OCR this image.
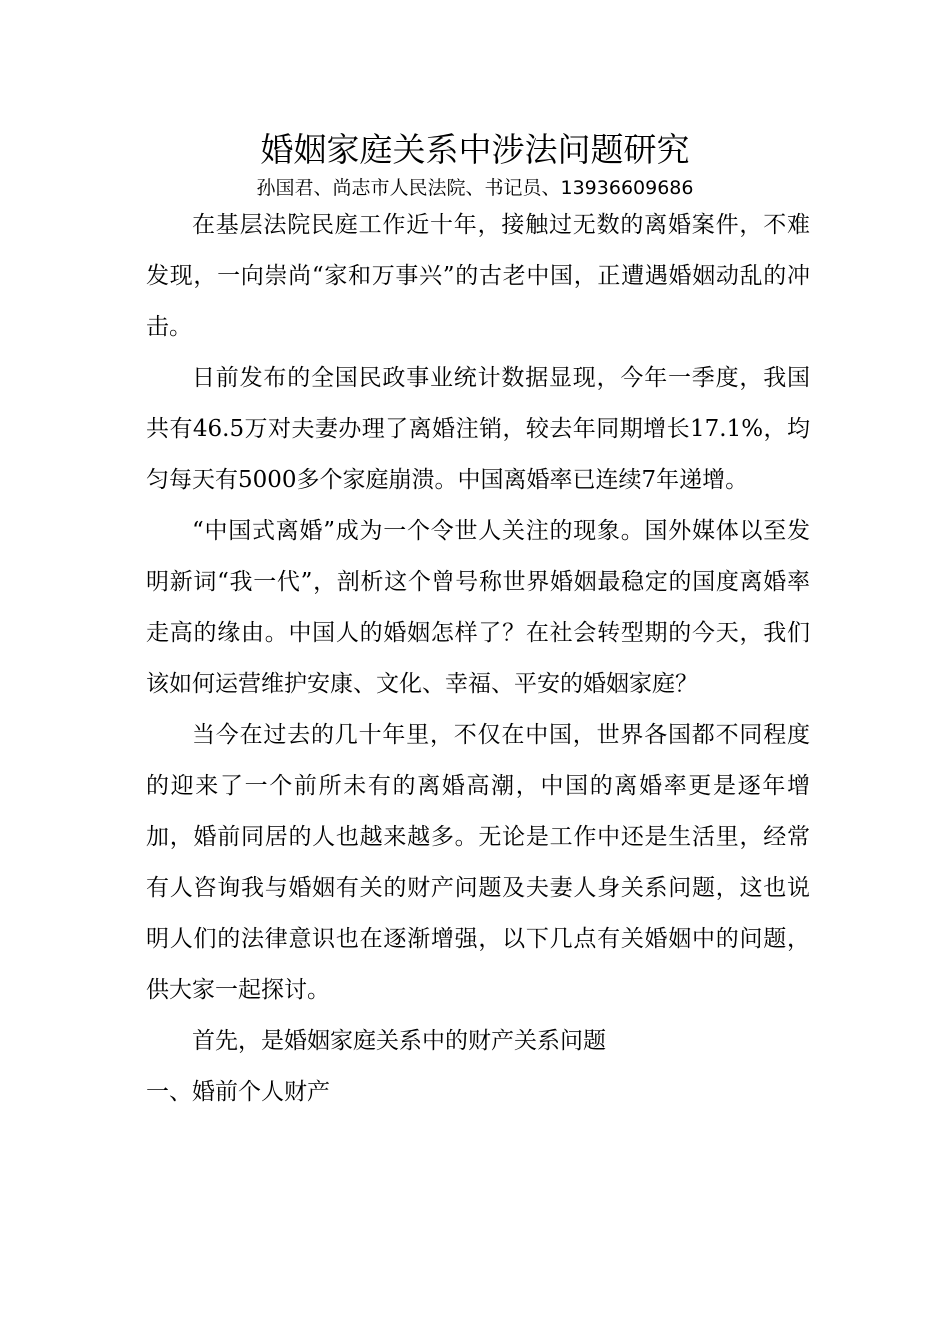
婚姻家庭关系中涉法问题研究
孙国君、尚志市人民法院、书记员、13936609686

在基层法院民庭工作近十年，接触过无数的离婚案件，不难发现，一向崇尚“家和万事兴”的古老中国，正遭遇婚姻动乱的冲击。

日前发布的全国民政事业统计数据显现，今年一季度，我国共有46.5万对夫妻办理了离婚注销，较去年同期增长17.1%，均匀每天有5000多个家庭崩溃。中国离婚率已连续7年递增。

“中国式离婚”成为一个令世人关注的现象。国外媒体以至发明新词“我一代”，剖析这个曾号称世界婚姻最稳定的国度离婚率走高的缘由。中国人的婚姻怎样了？在社会转型期的今天，我们该如何运营维护安康、文化、幸福、平安的婚姻家庭？

当今在过去的几十年里，不仅在中国，世界各国都不同程度的迎来了一个前所未有的离婚高潮，中国的离婚率更是逐年增加，婚前同居的人也越来越多。无论是工作中还是生活里，经常有人咨询我与婚姻有关的财产问题及夫妻人身关系问题，这也说明人们的法律意识也在逐渐增强，以下几点有关婚姻中的问题，供大家一起探讨。

首先，是婚姻家庭关系中的财产关系问题

一、婚前个人财产
